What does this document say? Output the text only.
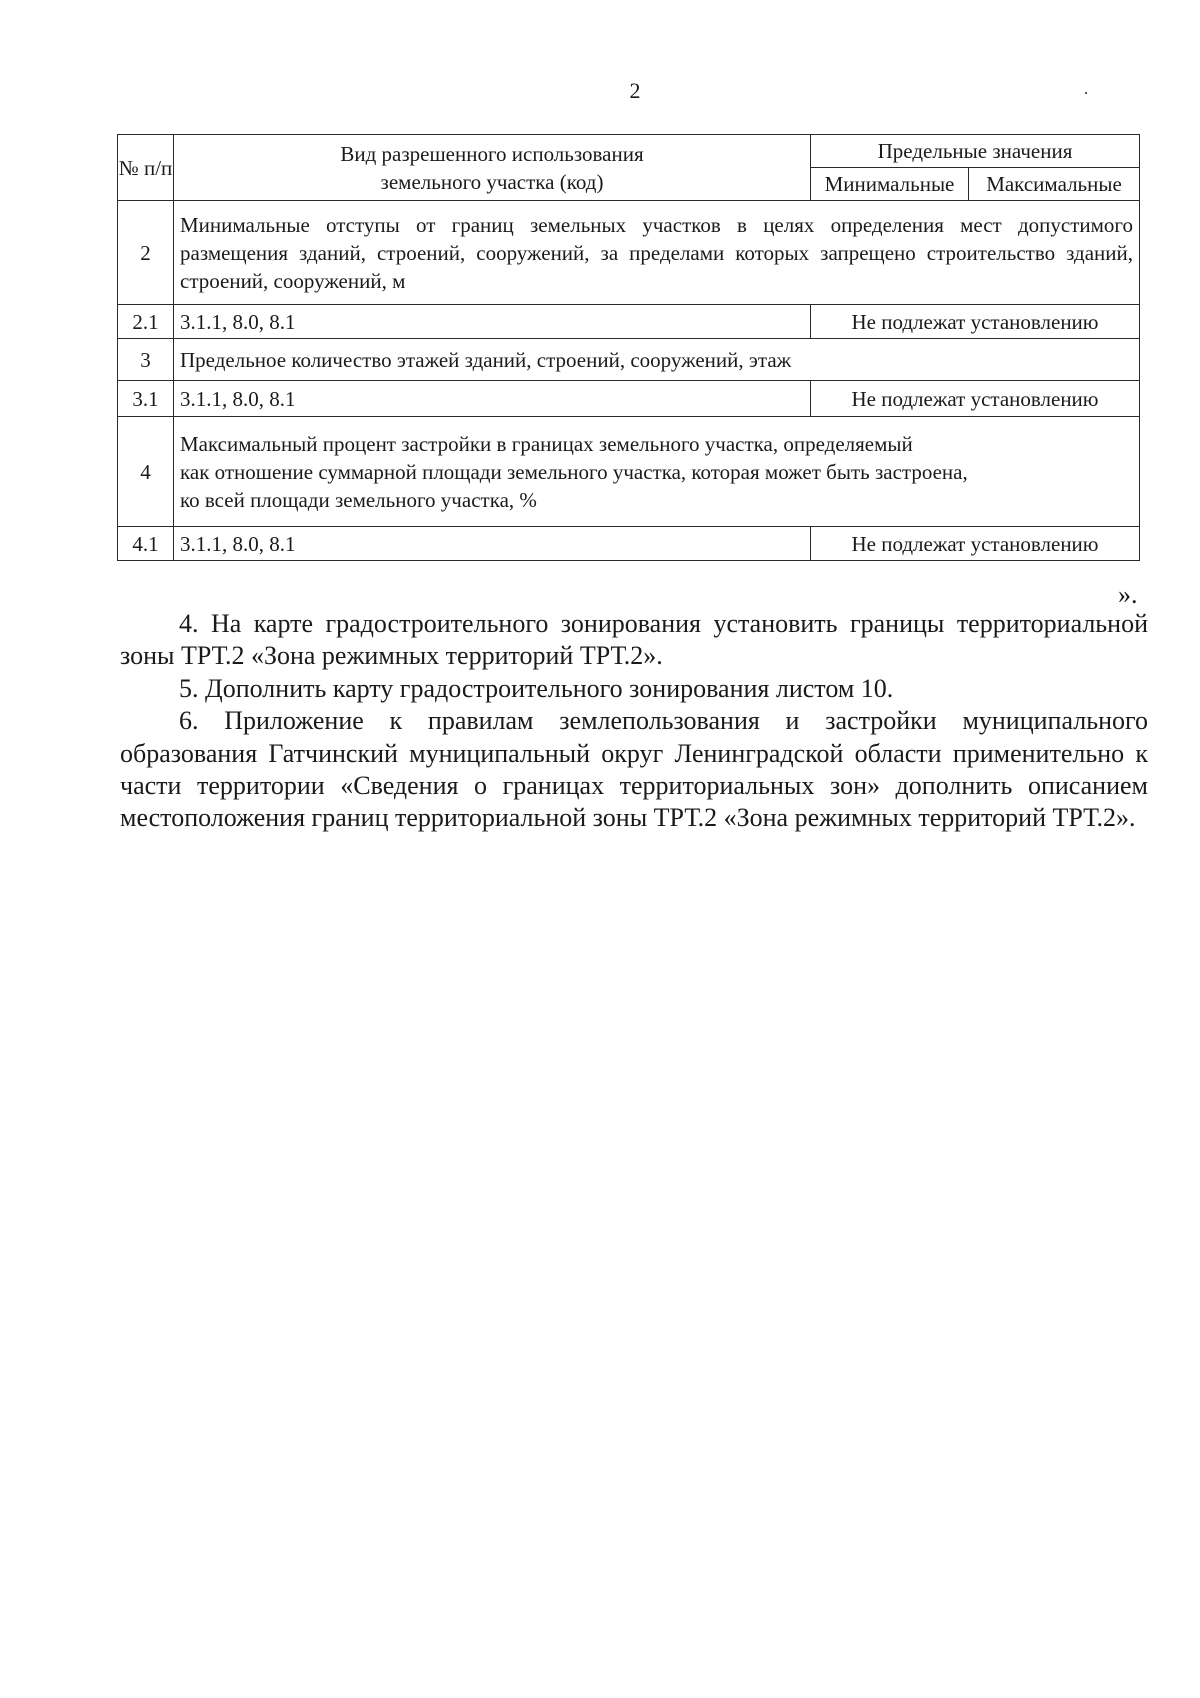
2
№ п/п	Вид разрешенного использования земельного участка (код)	Предельные значения	
		Минимальные	Максимальные
2	Минимальные отступы от границ земельных участков в целях определения мест допустимого размещения зданий, строений, сооружений, за пределами которых запрещено строительство зданий, строений, сооружений, м		
2.1	3.1.1, 8.0, 8.1	Не подлежат установлению	
3	Предельное количество этажей зданий, строений, сооружений, этаж		
3.1	3.1.1, 8.0, 8.1	Не подлежат установлению	
4	Максимальный процент застройки в границах земельного участка, определяемый
как отношение суммарной площади земельного участка, которая может быть застроена,
ко всей площади земельного участка, %		

4.1	3.1.1, 8.0, 8.1	Не подлежат установлению	
».

4. На карте градостроительного зонирования установить границы территориальной зоны ТРТ.2 «Зона режимных территорий ТРТ.2».

5. Дополнить карту градостроительного зонирования листом 10.

6. Приложение к правилам землепользования и застройки муниципального образования Гатчинский муниципальный округ Ленинградской области применительно к части территории «Сведения о границах территориальных зон» дополнить описанием местоположения границ территориальной зоны ТРТ.2 «Зона режимных территорий ТРТ.2».
